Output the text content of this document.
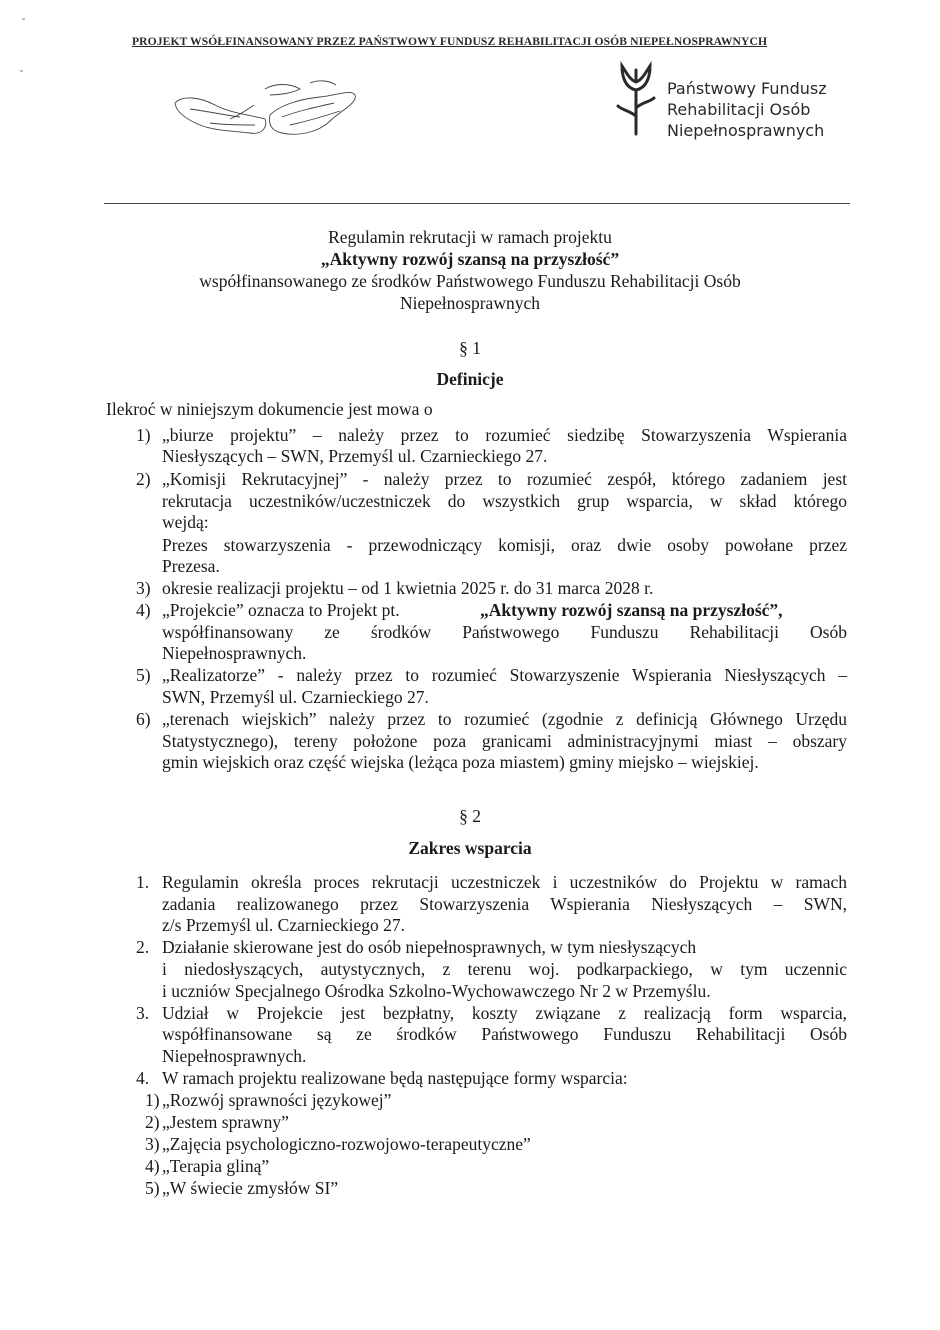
PROJEKT WSÓŁFINANSOWANY PRZEZ PAŃSTWOWY FUNDUSZ REHABILITACJI OSÓB NIEPEŁNOSPRAWNYCH
Państwowy Fundusz
Rehabilitacji Osób
Niepełnosprawnych
Regulamin rekrutacji w ramach projektu
„Aktywny rozwój szansą na przyszłość”
współfinansowanego ze środków Państwowego Funduszu Rehabilitacji Osób
Niepełnosprawnych
§ 1
Definicje
Ilekroć w niniejszym dokumencie jest mowa o
1) „biurze projektu” – należy przez to rozumieć siedzibę Stowarzyszenia Wspierania
Niesłyszących – SWN, Przemyśl ul. Czarnieckiego 27.
2) „Komisji Rekrutacyjnej” - należy przez to rozumieć zespół, którego zadaniem jest
rekrutacja uczestników/uczestniczek do wszystkich grup wsparcia, w skład którego
wejdą:
Prezes stowarzyszenia - przewodniczący komisji, oraz dwie osoby powołane przez
Prezesa.
3) okresie realizacji projektu – od 1 kwietnia 2025 r. do 31 marca 2028 r.
4) „Projekcie” oznacza to Projekt pt.	„Aktywny rozwój szansą na przyszłość”,
współfinansowany ze środków Państwowego Funduszu Rehabilitacji Osób
Niepełnosprawnych.
5) „Realizatorze” - należy przez to rozumieć Stowarzyszenie Wspierania Niesłyszących –
SWN, Przemyśl ul. Czarnieckiego 27.
6) „terenach wiejskich” należy przez to rozumieć (zgodnie z definicją Głównego Urzędu
Statystycznego), tereny położone poza granicami administracyjnymi miast – obszary
gmin wiejskich oraz część wiejska (leżąca poza miastem) gminy miejsko – wiejskiej.
§ 2
Zakres wsparcia
1. Regulamin określa proces rekrutacji uczestniczek i uczestników do Projektu w ramach
zadania realizowanego przez Stowarzyszenia Wspierania Niesłyszących – SWN,
z/s Przemyśl ul. Czarnieckiego 27.
2. Działanie skierowane jest do osób niepełnosprawnych, w tym niesłyszących
i niedosłyszących, autystycznych, z terenu woj. podkarpackiego, w tym uczennic
i uczniów Specjalnego Ośrodka Szkolno-Wychowawczego Nr 2 w Przemyślu.
3. Udział w Projekcie jest bezpłatny, koszty związane z realizacją form wsparcia,
współfinansowane są ze środków Państwowego Funduszu Rehabilitacji Osób
Niepełnosprawnych.
4. W ramach projektu realizowane będą następujące formy wsparcia:
1) „Rozwój sprawności językowej”
2) „Jestem sprawny”
3) „Zajęcia psychologiczno-rozwojowo-terapeutyczne”
4) „Terapia gliną”
5) „W świecie zmysłów SI”
